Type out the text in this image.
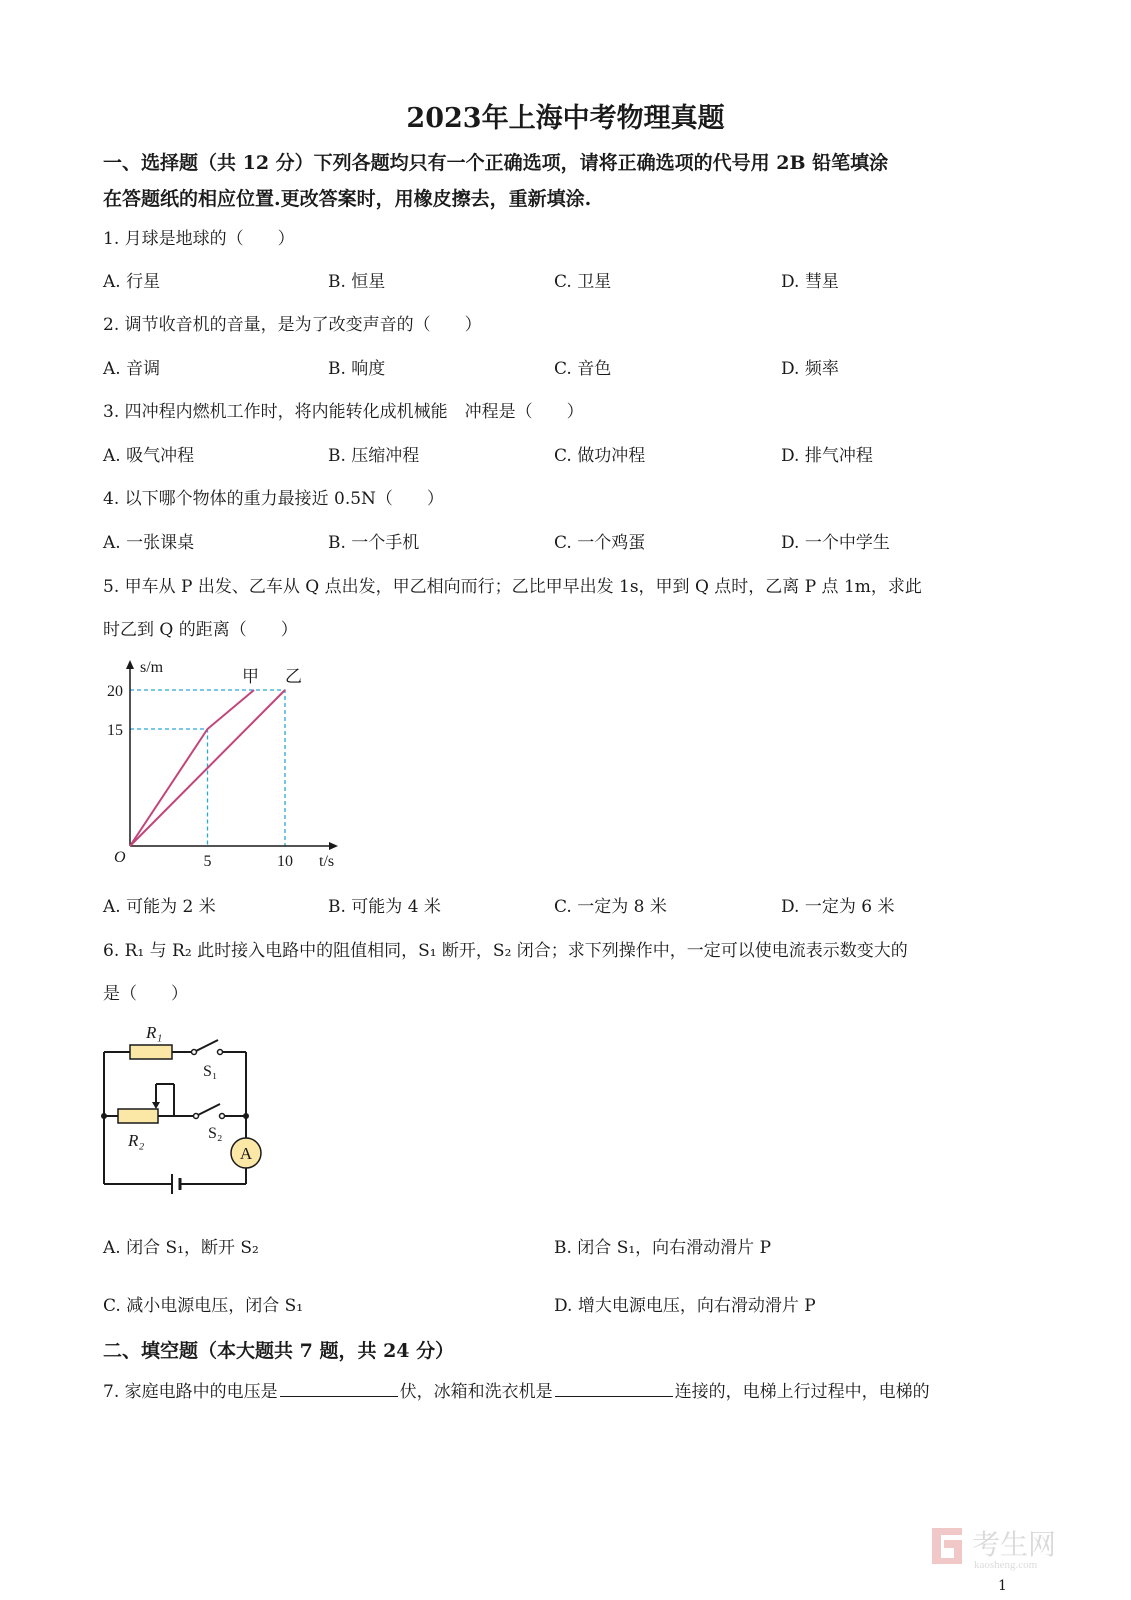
2023年上海中考物理真题
一、选择题（共 12 分）下列各题均只有一个正确选项，请将正确选项的代号用 2B 铅笔填涂
在答题纸的相应位置.更改答案时，用橡皮擦去，重新填涂.
1. 月球是地球的（　　）
A. 行星	B. 恒星	C. 卫星	D. 彗星
2. 调节收音机的音量，是为了改变声音的（　　）
A. 音调	B. 响度	C. 音色	D. 频率
3. 四冲程内燃机工作时，将内能转化成机械能　冲程是（　　）
A. 吸气冲程	B. 压缩冲程	C. 做功冲程	D. 排气冲程
4. 以下哪个物体的重力最接近 0.5N（　　）
A. 一张课桌	B. 一个手机	C. 一个鸡蛋	D. 一个中学生
5. 甲车从 P 出发、乙车从 Q 点出发，甲乙相向而行；乙比甲早出发 1s，甲到 Q 点时，乙离 P 点 1m，求此
时乙到 Q 的距离（　　）
甲 乙
5	10
15
20
O	t/s
s/m
A. 可能为 2 米	B. 可能为 4 米	C. 一定为 8 米	D. 一定为 6 米
6. R₁ 与 R₂ 此时接入电路中的阻值相同，S₁ 断开，S₂ 闭合；求下列操作中，一定可以使电流表示数变大的
是（　　）
A
R₁
S₁
R₂	S₂
A. 闭合 S₁，断开 S₂	B. 闭合 S₁，向右滑动滑片 P
C. 减小电源电压，闭合 S₁	D. 增大电源电压，向右滑动滑片 P
二、填空题（本大题共 7 题，共 24 分）
7. 家庭电路中的电压是	伏，冰箱和洗衣机是	连接的，电梯上行过程中，电梯的
考生网
kaosheng.com
1
